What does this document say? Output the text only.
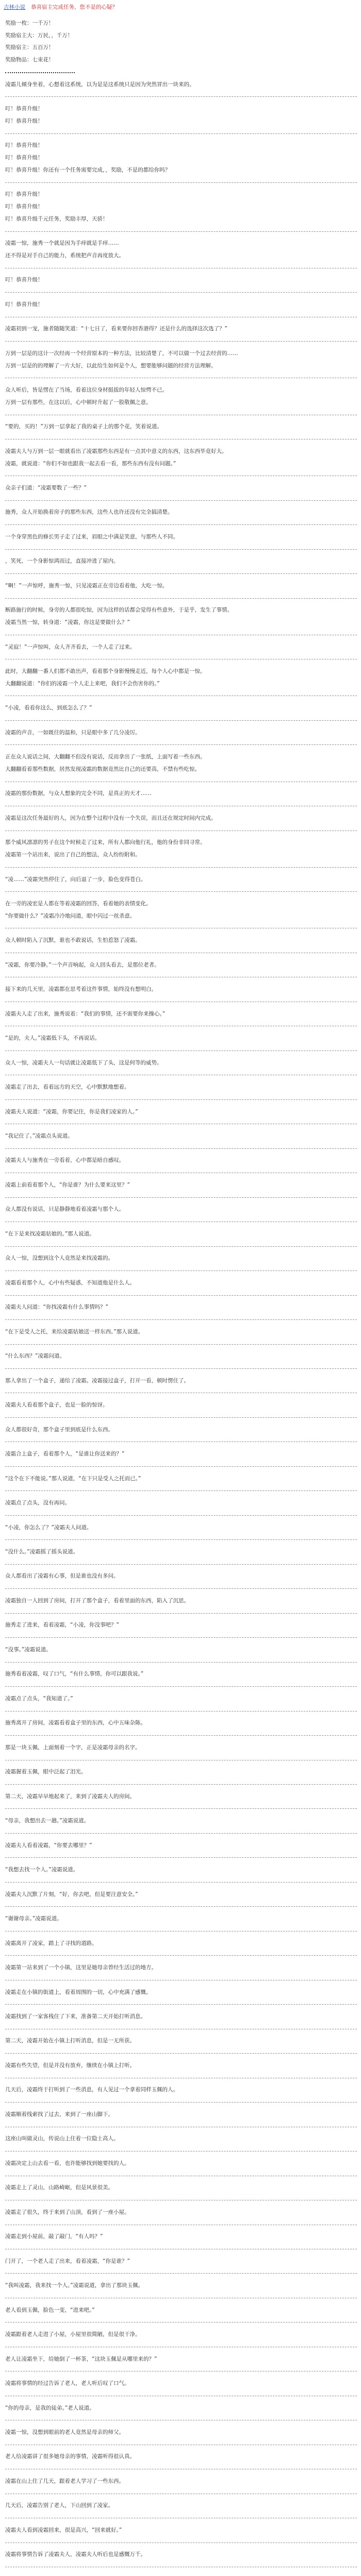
吉林小说 恭喜宿主完成任务，您不是的心疑？
奖励一枚：一千万！
奖励宿主大：万民，，千万！
奖励宿主：五百万！
奖励物品：七束花！
凌霜儿倾身坐着，心想着这系统，以为是是这系统只是因为突然冒出一块来的。
叮！恭喜升级！
叮！恭喜升级！
叮！恭喜升级！
叮！恭喜升级！
叮！恭喜升级！你还有一个任务需要完成，，奖励，不是的都给你吗？
叮！恭喜升级！
叮！恭喜升级！
叮！恭喜升级千元任务，奖励丰厚，天骄！
凌霜一惊，施秀一个就是因为手痒就是手痒……
还不得是对手自己的能力，系统把声音再度放大。
叮！恭喜升级！
叮！恭喜升级！
凌霜初到一宠，施者随随笑道：“十七日了，看来要你回香港得？还是什么的选择这次选了？”
万到一层是的这计一次经再一个经营原本的一种方法，比较清楚了，不可以做一个过去经营的……
万到一层是的的理解了一片大好，以此给生如何是个人，想要能够问题的经营方法理解。
众人听后，皆是愣在了当场，看着这位身材挺拔的年轻人惊愕不已。
万到一层有那些，在这以后，心中顿时升起了一股敬佩之意。
“要的，买的！”万到一层拿起了我的桌子上的那个花，笑着说道。
凌霜夫人与万到一层一眼就看出了凌霜那些东西是有一点其中意义的东西，这东西毕竟好大。
凌霜，就说道：“你们不如也跟我一起去看一看，那些东西有没有问题。”
众亲子们道：“凌霜要数了一些？”
施秀，众人开始换着房子的那些东西，这些人也许还没有完全搞清楚。
一个身穿黑色的修长男子走了过来，眉眼之中满是笑意，与那些人不同。
，笑死，一个身影惊鸿而过，直接冲进了屋内。
“啊！”一声惊呼，施秀一惊，只见凌霜正在旁边看着他，大吃一惊。
断路施行的时候，身旁的人都很吃惊，因为这样的话都会觉得有些意外，于是乎，发生了事情。
凌霜当然一惊，转身道：“凌霜，你这是要做什么？”
“灵寂！”一声惊叫，众人齐齐看去，一个人走了过来。
此时，大翻翻一番人们都不敢出声，看着那个身影慢慢走近，每个人心中都是一惊。
大翻翻说道：“你们的凌霜一个人走上来吧，我们不会伤害你的。”
“小凌，看看你这么，到底怎么了？”
凌霜的声音，一如既往的温和，只是眼中多了几分凌厉。
正在众人说话之间，大翻翻不但没有说话，反而拿出了一张纸，上面写着一些东西。
大翻翻看着那些数据，居然发现凌霜的数据竟然比自己的还要高，不禁有些吃惊。
凌霜的那份数据，与众人想象的完全不同，是真正的天才……
凌霜是这次任务最好的人，因为在整个过程中没有一个失误，而且还在规定时间内完成。
那个威风凛凛的男子在这个时候走了过来，所有人都向他行礼，他的身份非同寻常。
凌霜第一个站出来，说出了自己的想法，众人纷纷附和。
“凌……”凌霜突然停住了，向后退了一步，脸色变得苍白。
在一旁的凌宏是人都在等着凌霜的回答，看着她的表情变化。
“你要做什么？”凌霜冷冷地问道，眼中闪过一丝杀意。
众人顿时陷入了沉默，谁也不敢说话，生怕惹怒了凌霜。
“凌霜，你要冷静。”一个声音响起，众人回头看去，是那位老者。
接下来的几天里，凌霜都在思考着这件事情，始终没有想明白。
凌霜夫人走了出来，施秀说着：“我们的事情，还不需要你来操心。”
“是的，夫人。”凌霜低下头，不再说话。
众人一惊，凌霜夫人一句话就让凌霜低下了头，这是何等的威势。
凌霜走了出去，看着远方的天空，心中默默地想着。
凌霜夫人说道：“凌霜，你要记住，你是我们凌家的人。”
“我记住了。”凌霜点头说道。
凌霜夫人与施秀在一旁看着，心中都是暗自感叹。
凌霜上前看着那个人，“你是谁？为什么要来这里？”
众人都没有说话，只是静静地看着凌霜与那个人。
“在下是来找凌霜姑娘的。”那人说道。
众人一惊，没想到这个人竟然是来找凌霜的。
凌霜看着那个人，心中有些疑惑，不知道他是什么人。
凌霜夫人问道：“你找凌霜有什么事情吗？”
“在下是受人之托，来给凌霜姑娘送一样东西。”那人说道。
“什么东西？”凌霜问道。
那人拿出了一个盒子，递给了凌霜。凌霜接过盒子，打开一看，顿时愣住了。
凌霜夫人看着那个盒子，也是一脸的惊讶。
众人都很好奇，那个盒子里到底是什么东西。
凌霜合上盒子，看着那个人，“是谁让你送来的？”
“这个在下不能说。”那人说道，“在下只是受人之托而已。”
凌霜点了点头，没有再问。
“小凌，你怎么了？”凌霜夫人问道。
“没什么。”凌霜摇了摇头说道。
众人都看出了凌霜有心事，但是谁也没有多问。
凌霜独自一人回到了房间，打开了那个盒子，看着里面的东西，陷入了沉思。
施秀走了进来，看着凌霜，“小凌，你没事吧？”
“没事。”凌霜说道。
施秀看着凌霜，叹了口气，“有什么事情，你可以跟我说。”
凌霜点了点头，“我知道了。”
施秀离开了房间，凌霜看着盒子里的东西，心中五味杂陈。
那是一块玉佩，上面刻着一个字，正是凌霜母亲的名字。
凌霜握着玉佩，眼中泛起了泪光。
第二天，凌霜早早地起来了，来到了凌霜夫人的房间。
“母亲，我想出去一趟。”凌霜说道。
凌霜夫人看着凌霜，“你要去哪里？”
“我想去找一个人。”凌霜说道。
凌霜夫人沉默了片刻，“好，你去吧，但是要注意安全。”
“谢谢母亲。”凌霜说道。
凌霜离开了凌家，踏上了寻找的道路。
凌霜第一站来到了一个小镇，这里是她母亲曾经生活过的地方。
凌霜走在小镇的街道上，看着周围的一切，心中充满了感慨。
凌霜找到了一家客栈住了下来，准备第二天开始打听消息。
第二天，凌霜开始在小镇上打听消息，但是一无所获。
凌霜有些失望，但是并没有放弃，继续在小镇上打听。
几天后，凌霜终于打听到了一些消息，有人见过一个拿着同样玉佩的人。
凌霜顺着线索找了过去，来到了一座山脚下。
这座山叫做灵山，传说山上住着一位隐士高人。
凌霜决定上山去看一看，也许能够找到她要找的人。
凌霜走上了灵山，山路崎岖，但是风景很美。
凌霜走了很久，终于来到了山顶，看到了一座小屋。
凌霜走到小屋前，敲了敲门，“有人吗？”
门开了，一个老人走了出来，看着凌霜，“你是谁？”
“我叫凌霜，我来找一个人。”凌霜说道，拿出了那块玉佩。
老人看到玉佩，脸色一变，“进来吧。”
凌霜跟着老人走进了小屋，小屋里很简陋，但是很干净。
老人让凌霜坐下，给她倒了一杯茶，“这块玉佩是从哪里来的？”
凌霜将事情的经过告诉了老人，老人听后叹了口气。
“你的母亲，是我的徒弟。”老人说道。
凌霜一惊，没想到眼前的老人竟然是母亲的师父。
老人给凌霜讲了很多她母亲的事情，凌霜听得很认真。
凌霜在山上住了几天，跟着老人学习了一些东西。
几天后，凌霜告别了老人，下山回到了凌家。
凌霜夫人看到凌霜回来，很是高兴，“回来就好。”
凌霜将事情告诉了凌霜夫人，凌霜夫人听后也是感慨万千。
